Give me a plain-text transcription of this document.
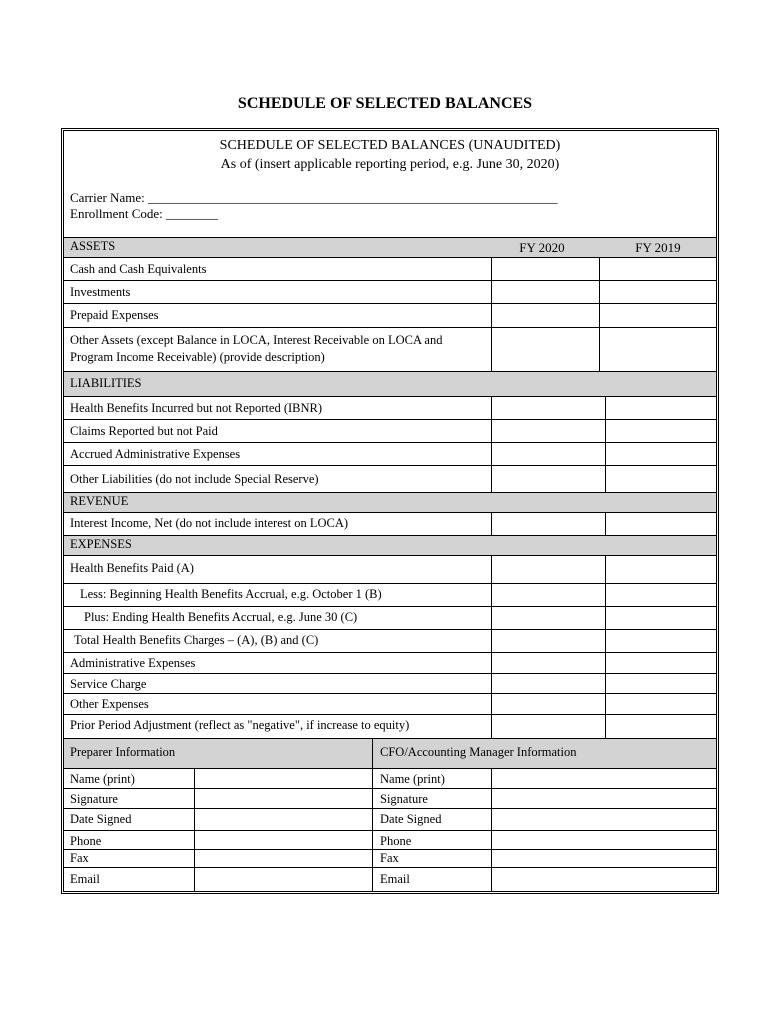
SCHEDULE OF SELECTED BALANCES
SCHEDULE OF SELECTED BALANCES (UNAUDITED)
As of (insert applicable reporting period, e.g. June 30, 2020)
Carrier Name: _______________________________________________________________
Enrollment Code: ________
ASSETS	FY 2020	FY 2019
Cash and Cash Equivalents
Investments
Prepaid Expenses
Other Assets (except Balance in LOCA, Interest Receivable on LOCA and
Program Income Receivable) (provide description)
LIABILITIES
Health Benefits Incurred but not Reported (IBNR)
Claims Reported but not Paid
Accrued Administrative Expenses
Other Liabilities (do not include Special Reserve)
REVENUE
Interest Income, Net (do not include interest on LOCA)
EXPENSES
Health Benefits Paid (A)
Less: Beginning Health Benefits Accrual, e.g. October 1 (B)
Plus: Ending Health Benefits Accrual, e.g. June 30 (C)
Total Health Benefits Charges – (A), (B) and (C)
Administrative Expenses
Service Charge
Other Expenses
Prior Period Adjustment (reflect as "negative", if increase to equity)
Preparer Information	CFO/Accounting Manager Information
Name (print)	Name (print)
Signature	Signature
Date Signed	Date Signed
Phone	Phone
Fax	Fax
Email	Email
